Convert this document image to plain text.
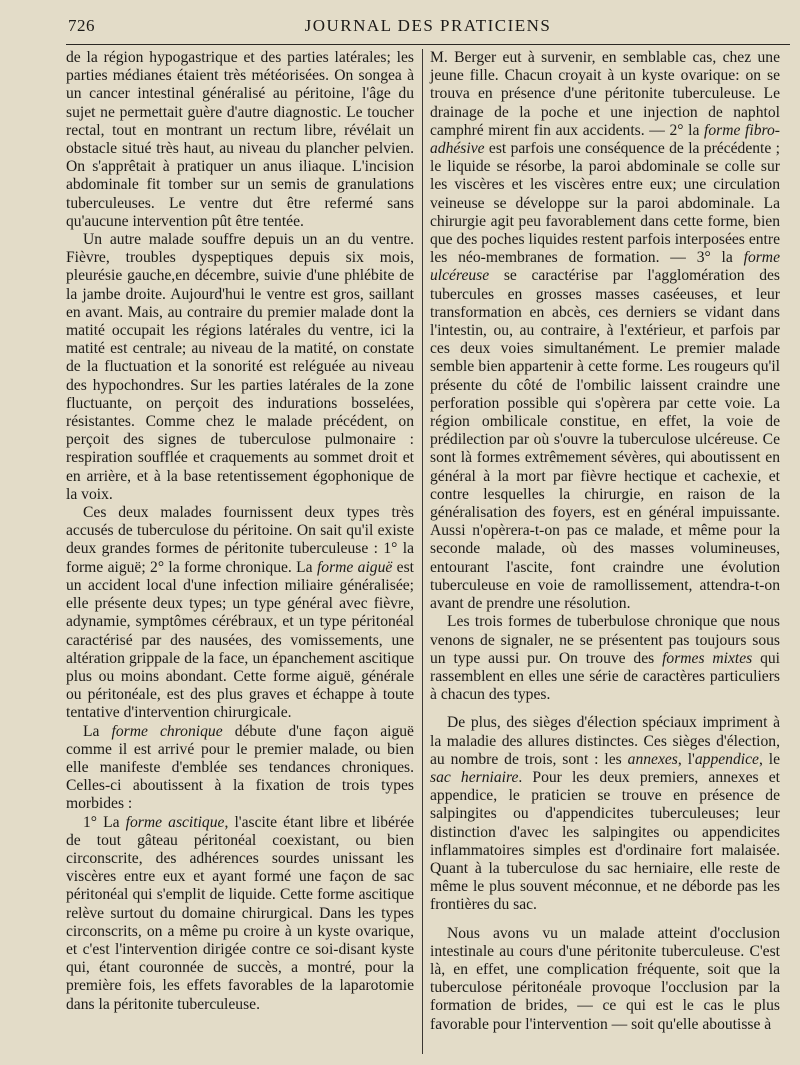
726	JOURNAL DES PRATICIENS

de la région hypogastrique et des parties latérales; les parties médianes étaient très météorisées. On songea à un cancer intestinal généralisé au péritoine, l'âge du sujet ne permettait guère d'autre diagnostic. Le toucher rectal, tout en montrant un rectum libre, révélait un obstacle situé très haut, au niveau du plancher pelvien. On s'apprêtait à pratiquer un anus iliaque. L'incision abdominale fit tomber sur un semis de granulations tuberculeuses. Le ventre dut être refermé sans qu'aucune intervention pût être tentée.

Un autre malade souffre depuis un an du ventre. Fièvre, troubles dyspeptiques depuis six mois, pleurésie gauche,en décembre, suivie d'une phlébite de la jambe droite. Aujourd'hui le ventre est gros, saillant en avant. Mais, au contraire du premier malade dont la matité occupait les régions latérales du ventre, ici la matité est centrale; au niveau de la matité, on constate de la fluctuation et la sonorité est reléguée au niveau des hypochondres. Sur les parties latérales de la zone fluctuante, on perçoit des indurations bosselées, résistantes. Comme chez le malade précédent, on perçoit des signes de tuberculose pulmonaire : respiration soufflée et craquements au sommet droit et en arrière, et à la base retentissement égophonique de la voix.

Ces deux malades fournissent deux types très accusés de tuberculose du péritoine. On sait qu'il existe deux grandes formes de péritonite tuberculeuse : 1° la forme aiguë; 2° la forme chronique. La forme aiguë est un accident local d'une infection miliaire généralisée; elle présente deux types; un type général avec fièvre, adynamie, symptômes cérébraux, et un type péritonéal caractérisé par des nausées, des vomissements, une altération grippale de la face, un épanchement ascitique plus ou moins abondant. Cette forme aiguë, générale ou péritonéale, est des plus graves et échappe à toute tentative d'intervention chirurgicale.

La forme chronique débute d'une façon aiguë comme il est arrivé pour le premier malade, ou bien elle manifeste d'emblée ses tendances chroniques. Celles-ci aboutissent à la fixation de trois types morbides :

1° La forme ascitique, l'ascite étant libre et libérée de tout gâteau péritonéal coexistant, ou bien circonscrite, des adhérences sourdes unissant les viscères entre eux et ayant formé une façon de sac péritonéal qui s'emplit de liquide. Cette forme ascitique relève surtout du domaine chirurgical. Dans les types circonscrits, on a même pu croire à un kyste ovarique, et c'est l'intervention dirigée contre ce soi-disant kyste qui, étant couronnée de succès, a montré, pour la première fois, les effets favorables de la laparotomie dans la péritonite tuberculeuse.

M. Berger eut à survenir, en semblable cas, chez une jeune fille. Chacun croyait à un kyste ovarique: on se trouva en présence d'une péritonite tuberculeuse. Le drainage de la poche et une injection de naphtol camphré mirent fin aux accidents. — 2° la forme fibro-adhésive est parfois une conséquence de la précédente ; le liquide se résorbe, la paroi abdominale se colle sur les viscères et les viscères entre eux; une circulation veineuse se développe sur la paroi abdominale. La chirurgie agit peu favorablement dans cette forme, bien que des poches liquides restent parfois interposées entre les néo-membranes de formation. — 3° la forme ulcéreuse se caractérise par l'agglomération des tubercules en grosses masses caséeuses, et leur transformation en abcès, ces derniers se vidant dans l'intestin, ou, au contraire, à l'extérieur, et parfois par ces deux voies simultanément. Le premier malade semble bien appartenir à cette forme. Les rougeurs qu'il présente du côté de l'ombilic laissent craindre une perforation possible qui s'opèrera par cette voie. La région ombilicale constitue, en effet, la voie de prédilection par où s'ouvre la tuberculose ulcéreuse. Ce sont là formes extrêmement sévères, qui aboutissent en général à la mort par fièvre hectique et cachexie, et contre lesquelles la chirurgie, en raison de la généralisation des foyers, est en général impuissante. Aussi n'opèrera-t-on pas ce malade, et même pour la seconde malade, où des masses volumineuses, entourant l'ascite, font craindre une évolution tuberculeuse en voie de ramollissement, attendra-t-on avant de prendre une résolution.

Les trois formes de tuberbulose chronique que nous venons de signaler, ne se présentent pas toujours sous un type aussi pur. On trouve des formes mixtes qui rassemblent en elles une série de caractères particuliers à chacun des types.

De plus, des sièges d'élection spéciaux impriment à la maladie des allures distinctes. Ces sièges d'élection, au nombre de trois, sont : les annexes, l'appendice, le sac herniaire. Pour les deux premiers, annexes et appendice, le praticien se trouve en présence de salpingites ou d'appendicites tuberculeuses; leur distinction d'avec les salpingites ou appendicites inflammatoires simples est d'ordinaire fort malaisée. Quant à la tuberculose du sac herniaire, elle reste de même le plus souvent méconnue, et ne déborde pas les frontières du sac.

Nous avons vu un malade atteint d'occlusion intestinale au cours d'une péritonite tuberculeuse. C'est là, en effet, une complication fréquente, soit que la tuberculose péritonéale provoque l'occlusion par la formation de brides, — ce qui est le cas le plus favorable pour l'intervention — soit qu'elle aboutisse à
